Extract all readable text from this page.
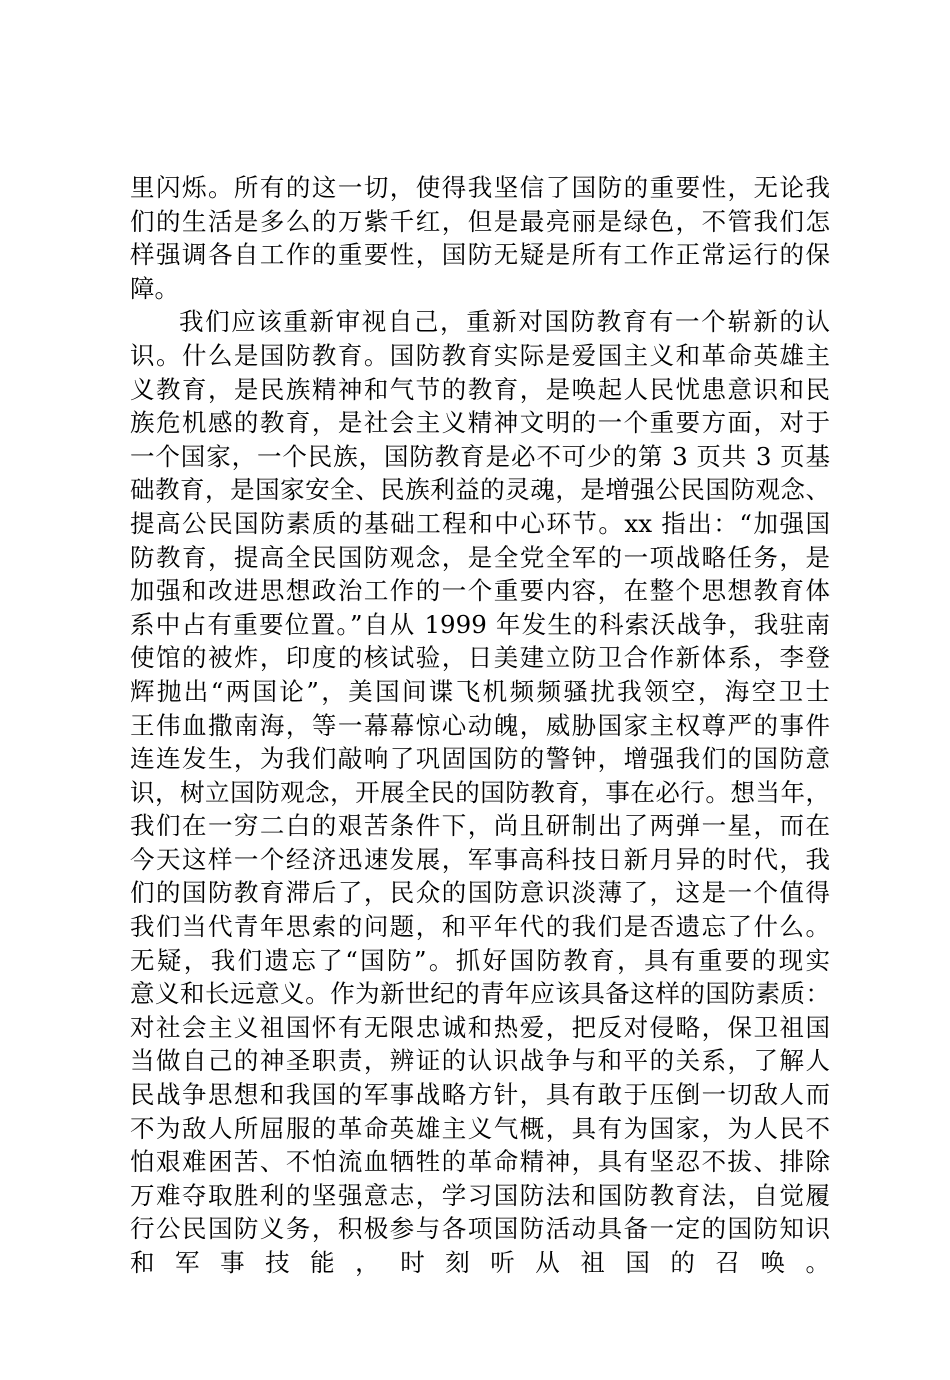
里闪烁。所有的这一切，使得我坚信了国防的重要性，无论我
们的生活是多么的万紫千红，但是最亮丽是绿色，不管我们怎
样强调各自工作的重要性，国防无疑是所有工作正常运行的保
障。
我们应该重新审视自己，重新对国防教育有一个崭新的认
识。什么是国防教育。国防教育实际是爱国主义和革命英雄主
义教育，是民族精神和气节的教育，是唤起人民忧患意识和民
族危机感的教育，是社会主义精神文明的一个重要方面，对于
一个国家，一个民族，国防教育是必不可少的第 3 页共 3 页基
础教育，是国家安全、民族利益的灵魂，是增强公民国防观念、
提高公民国防素质的基础工程和中心环节。xx 指出：“加强国
防教育，提高全民国防观念，是全党全军的一项战略任务，是
加强和改进思想政治工作的一个重要内容，在整个思想教育体
系中占有重要位置。”自从 1999 年发生的科索沃战争，我驻南
使馆的被炸，印度的核试验，日美建立防卫合作新体系，李登
辉抛出“两国论”，美国间谍飞机频频骚扰我领空，海空卫士
王伟血撒南海，等一幕幕惊心动魄，威胁国家主权尊严的事件
连连发生，为我们敲响了巩固国防的警钟，增强我们的国防意
识，树立国防观念，开展全民的国防教育，事在必行。想当年，
我们在一穷二白的艰苦条件下，尚且研制出了两弹一星，而在
今天这样一个经济迅速发展，军事高科技日新月异的时代，我
们的国防教育滞后了，民众的国防意识淡薄了，这是一个值得
我们当代青年思索的问题，和平年代的我们是否遗忘了什么。
无疑，我们遗忘了“国防”。抓好国防教育，具有重要的现实
意义和长远意义。作为新世纪的青年应该具备这样的国防素质：
对社会主义祖国怀有无限忠诚和热爱，把反对侵略，保卫祖国
当做自己的神圣职责，辨证的认识战争与和平的关系，了解人
民战争思想和我国的军事战略方针，具有敢于压倒一切敌人而
不为敌人所屈服的革命英雄主义气概，具有为国家，为人民不
怕艰难困苦、不怕流血牺牲的革命精神，具有坚忍不拔、排除
万难夺取胜利的坚强意志，学习国防法和国防教育法，自觉履
行公民国防义务，积极参与各项国防活动具备一定的国防知识
和军事技能，时刻听从祖国的召唤。
